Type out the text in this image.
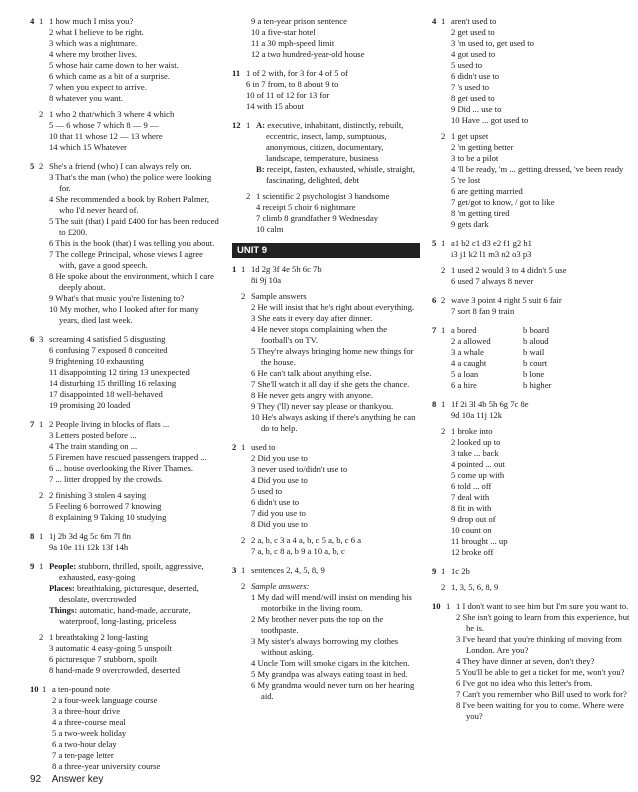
4 1 1 how much I miss you?
2 what I believe to be right.
3 which was a nightmare.
4 where my brother lives.
5 whose hair came down to her waist.
6 which came as a bit of a surprise.
7 when you expect to arrive.
8 whatever you want.
2 1 who 2 that/which 3 where 4 which
5 — 6 whose 7 which 8 — 9 —
10 that 11 whose 12 — 13 where
14 which 15 Whatever
5 2 She's a friend (who) I can always rely on.
3 That's the man (who) the police were looking for.
4 She recommended a book by Robert Palmer, who I'd never heard of.
5 The suit (that) I paid £400 for has been reduced to £200.
6 This is the book (that) I was telling you about.
7 The college Principal, whose views I agree with, gave a good speech.
8 He spoke about the environment, which I care deeply about.
9 What's that music you're listening to?
10 My mother, who I looked after for many years, died last week.
6 3 screaming 4 satisfied 5 disgusting
6 confusing 7 exposed 8 conceited
9 frightening 10 exhausting
11 disappointing 12 tiring 13 unexpected
14 disturbing 15 thrilling 16 relaxing
17 disappointed 18 well-behaved
19 promising 20 loaded
7 1 2 People living in blocks of flats ...
3 Letters posted before ...
4 The train standing on ...
5 Firemen have rescued passengers trapped ...
6 ... house overlooking the River Thames.
7 ... litter dropped by the crowds.
2 2 finishing 3 stolen 4 saying
5 Feeling 6 borrowed 7 knowing
8 explaining 9 Taking 10 studying
8 1 1j 2b 3d 4g 5c 6m 7l 8n
9a 10e 11i 12k 13f 14h
9 1 People: stubborn, thrilled, spoilt, aggressive, exhausted, easy-going
Places: breathtaking, picturesque, deserted, desolate, overcrowded
Things: automatic, hand-made, accurate, waterproof, long-lasting, priceless
2 1 breathtaking 2 long-lasting
3 automatic 4 easy-going 5 unspoilt
6 picturesque 7 stubborn, spoilt
8 hand-made 9 overcrowded, deserted
10 1 a ten-pound note
2 a four-week language course
3 a three-hour drive
4 a three-course meal
5 a two-week holiday
6 a two-hour delay
7 a ten-page letter
8 a three-year university course
9 a ten-year prison sentence
10 a five-star hotel
11 a 30 mph-speed limit
12 a two hundred-year-old house
11 1 of 2 with, for 3 for 4 of 5 of
6 in 7 from, to 8 about 9 to
10 of 11 of 12 for 13 for
14 with 15 about
12 1 A: executive, inhabitant, distinctly, rebuilt, eccentric, insect, lamp, sumptuous, anonymous, citizen, documentary, landscape, temperature, business
B: receipt, fasten, exhausted, whistle, straight, fascinating, delighted, debt
2 1 scientific 2 psychologist 3 handsome
4 receipt 5 choir 6 nightmare
7 climb 8 grandfather 9 Wednesday
10 calm
UNIT 9
1 1 1d 2g 3f 4e 5h 6c 7b
8i 9j 10a
2 Sample answers
2 He will insist that he's right about everything.
3 She eats it every day after dinner.
4 He never stops complaining when the football's on TV.
5 They're always bringing home new things for the house.
6 He can't talk about anything else.
7 She'll watch it all day if she gets the chance.
8 He never gets angry with anyone.
9 They ('ll) never say please or thankyou.
10 He's always asking if there's anything he can do to help.
2 1 used to
2 Did you use to
3 never used to/didn't use to
4 Did you use to
5 used to
6 didn't use to
7 did you use to
8 Did you use to
2 2 a, b, c 3 a 4 a, b, c 5 a, b, c 6 a
7 a, b, c 8 a, b 9 a 10 a, b, c
3 1 sentences 2, 4, 5, 8, 9
2 Sample answers:
1 My dad will mend/will insist on mending his motorbike in the living room.
2 My brother never puts the top on the toothpaste.
3 My sister's always borrowing my clothes without asking.
4 Uncle Tom will smoke cigars in the kitchen.
5 My grandpa was always eating toast in bed.
6 My grandma would never turn on her hearing aid.
4 1 aren't used to
2 get used to
3 'm used to, get used to
4 got used to
5 used to
6 didn't use to
7 's used to
8 get used to
9 Did ... use to
10 Have ... got used to
2 1 get upset
2 'm getting better
3 to be a pilot
4 'll be ready, 'm ... getting dressed, 've been ready
5 're lost
6 are getting married
7 get/got to know, / got to like
8 'm getting tired
9 gets dark
5 1 a1 b2 c1 d3 e2 f1 g2 h1
i3 j1 k2 l1 m3 n2 o3 p3
2 1 used 2 would 3 to 4 didn't 5 use
6 used 7 always 8 never
6 2 wave 3 point 4 right 5 suit 6 fair
7 sort 8 fan 9 train
7 1 a bored	b board
2 a allowed	b aloud
3 a whale	b wail
4 a caught	b court
5 a loan	b lone
6 a hire	b higher
8 1 1f 2i 3l 4b 5h 6g 7c 8e
9d 10a 11j 12k
2 1 broke into
2 looked up to
3 take ... back
4 pointed ... out
5 come up with
6 told ... off
7 deal with
8 fit in with
9 drop out of
10 count on
11 brought ... up
12 broke off
9 1 1c 2b
2 1, 3, 5, 6, 8, 9
10 1 1 I don't want to see him but I'm sure you want to.
2 She isn't going to learn from this experience, but he is.
3 I've heard that you're thinking of moving from London. Are you?
4 They have dinner at seven, don't they?
5 You'll be able to get a ticket for me, won't you?
6 I've got no idea who this letter's from.
7 Can't you remember who Bill used to work for?
8 I've been waiting for you to come. Where were you?
92 Answer key
